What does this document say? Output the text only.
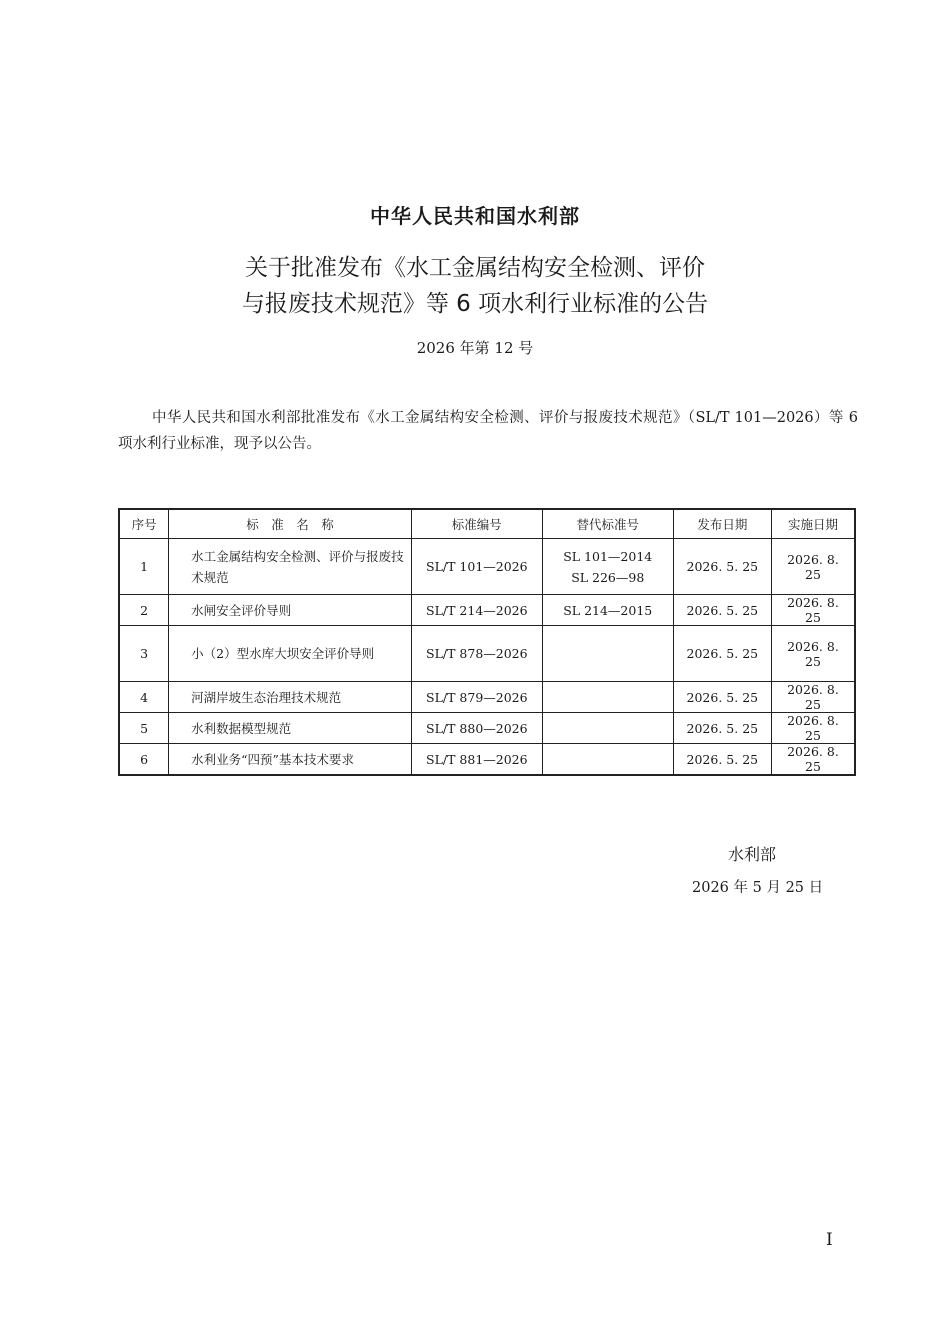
中华人民共和国水利部
关于批准发布《水工金属结构安全检测、评价
与报废技术规范》等 6 项水利行业标准的公告
2026 年第 12 号
中华人民共和国水利部批准发布《水工金属结构安全检测、评价与报废技术规范》（SL/T 101—2026）等 6 项水利行业标准，现予以公告。
序号	标　准　名　称	标准编号	替代标准号	发布日期	实施日期
1	水工金属结构安全检测、评价与报废技术规范	SL/T 101—2026	SL 101—2014
SL 226—98	2026. 5. 25	2026. 8. 25
2	水闸安全评价导则	SL/T 214—2026	SL 214—2015	2026. 5. 25	2026. 8. 25
3	小（2）型水库大坝安全评价导则	SL/T 878—2026		2026. 5. 25	2026. 8. 25
4	河湖岸坡生态治理技术规范	SL/T 879—2026		2026. 5. 25	2026. 8. 25
5	水利数据模型规范	SL/T 880—2026		2026. 5. 25	2026. 8. 25
6	水利业务“四预”基本技术要求	SL/T 881—2026		2026. 5. 25	2026. 8. 25
水利部
2026 年 5 月 25 日
I
